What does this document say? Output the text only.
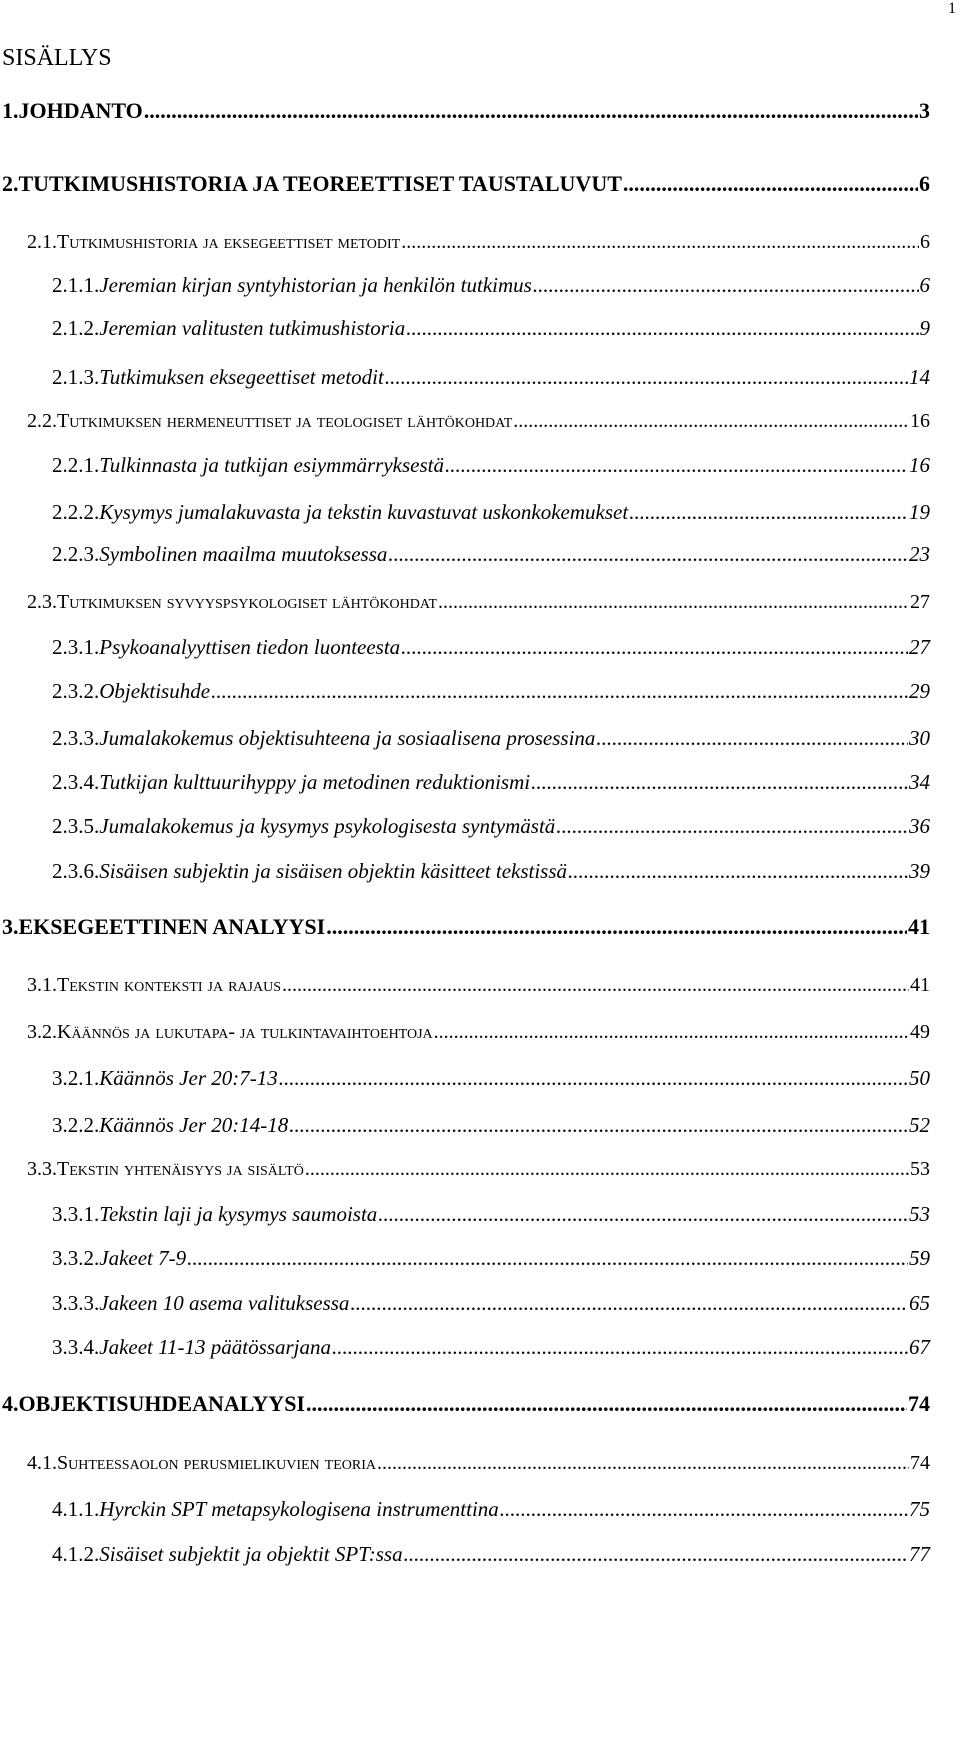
1
SISÄLLYS
1. JOHDANTO .....	3
2. TUTKIMUSHISTORIA JA TEOREETTISET TAUSTALUVUT .....	6
2.1. Tutkimushistoria ja eksegeettiset metodit .....	6
2.1.1. Jeremian kirjan syntyhistorian ja henkilön tutkimus .....	6
2.1.2. Jeremian valitusten tutkimushistoria .....	9
2.1.3. Tutkimuksen eksegeettiset metodit .....	14
2.2. Tutkimuksen hermeneuttiset ja teologiset lähtökohdat .....	16
2.2.1. Tulkinnasta ja tutkijan esiymmärryksestä .....	16
2.2.2. Kysymys jumalakuvasta ja tekstin kuvastuvat uskonkokemukset .....	19
2.2.3. Symbolinen maailma muutoksessa .....	23
2.3. Tutkimuksen syvyyspsykologiset lähtökohdat .....	27
2.3.1. Psykoanalyyttisen tiedon luonteesta .....	27
2.3.2. Objektisuhde .....	29
2.3.3. Jumalakokemus objektisuhteena ja sosiaalisena prosessina .....	30
2.3.4. Tutkijan kulttuurihyppy ja metodinen reduktionismi .....	34
2.3.5. Jumalakokemus ja kysymys psykologisesta syntymästä .....	36
2.3.6. Sisäisen subjektin ja sisäisen objektin käsitteet tekstissä .....	39
3. EKSEGEETTINEN ANALYYSI .....	41
3.1. Tekstin konteksti ja rajaus .....	41
3.2. Käännös ja lukutapa- ja tulkintavaihtoehtoja .....	49
3.2.1. Käännös Jer 20:7-13 .....	50
3.2.2. Käännös Jer 20:14-18 .....	52
3.3. Tekstin yhtenäisyys ja sisältö .....	53
3.3.1. Tekstin laji ja kysymys saumoista .....	53
3.3.2. Jakeet 7-9 .....	59
3.3.3. Jakeen 10 asema valituksessa .....	65
3.3.4. Jakeet 11-13 päätössarjana .....	67
4. OBJEKTISUHDEANALYYSI .....	74
4.1. Suhteessaolon perusmielikuvien teoria .....	74
4.1.1. Hyrckin SPT metapsykologisena instrumenttina .....	75
4.1.2. Sisäiset subjektit ja objektit SPT:ssa .....	77
